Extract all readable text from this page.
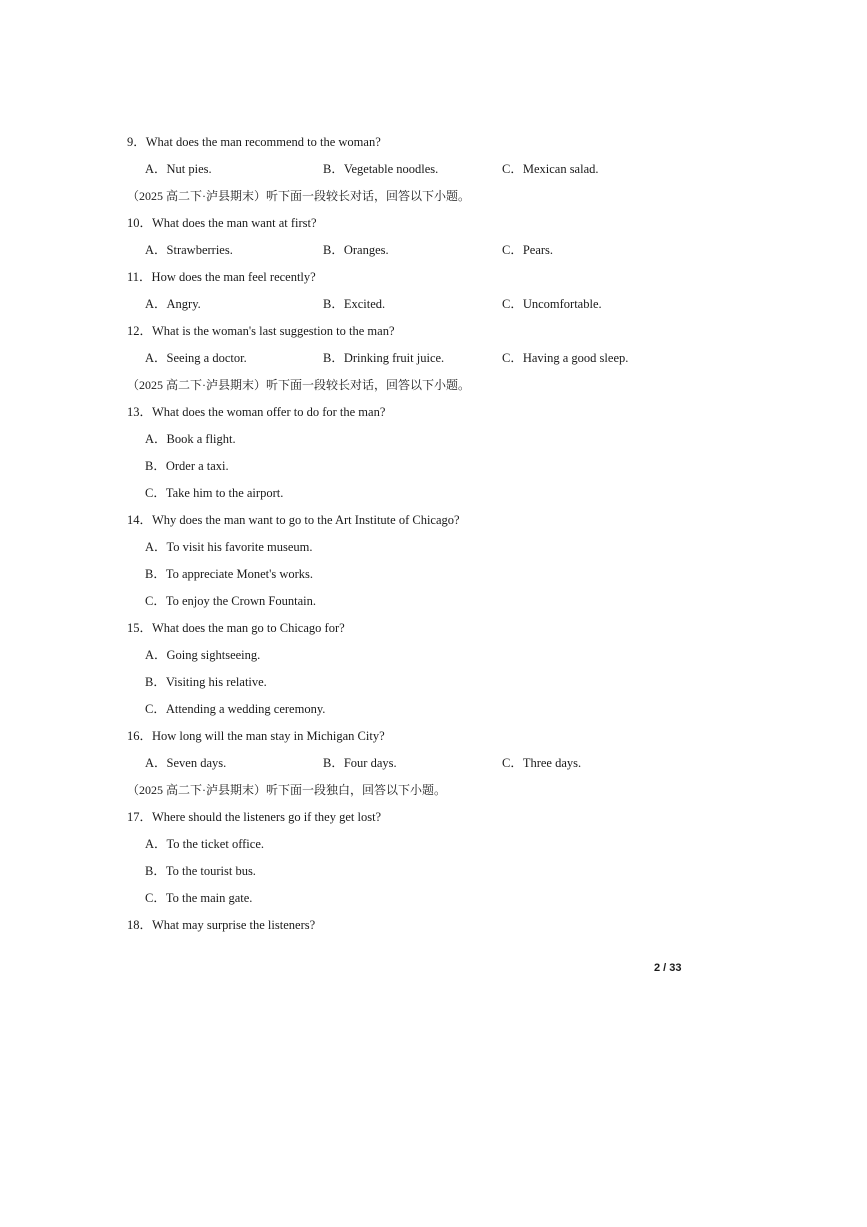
9．What does the man recommend to the woman?
A．Nut pies.	B．Vegetable noodles.	C．Mexican salad.
（2025 高二下·泸县期末）听下面一段较长对话，回答以下小题。
10．What does the man want at first?
A．Strawberries.	B．Oranges.	C．Pears.
11．How does the man feel recently?
A．Angry.	B．Excited.	C．Uncomfortable.
12．What is the woman's last suggestion to the man?
A．Seeing a doctor.	B．Drinking fruit juice.	C．Having a good sleep.
（2025 高二下·泸县期末）听下面一段较长对话，回答以下小题。
13．What does the woman offer to do for the man?
A．Book a flight.
B．Order a taxi.
C．Take him to the airport.
14．Why does the man want to go to the Art Institute of Chicago?
A．To visit his favorite museum.
B．To appreciate Monet's works.
C．To enjoy the Crown Fountain.
15．What does the man go to Chicago for?
A．Going sightseeing.
B．Visiting his relative.
C．Attending a wedding ceremony.
16．How long will the man stay in Michigan City?
A．Seven days.	B．Four days.	C．Three days.
（2025 高二下·泸县期末）听下面一段独白，回答以下小题。
17．Where should the listeners go if they get lost?
A．To the ticket office.
B．To the tourist bus.
C．To the main gate.
18．What may surprise the listeners?
2 / 33
